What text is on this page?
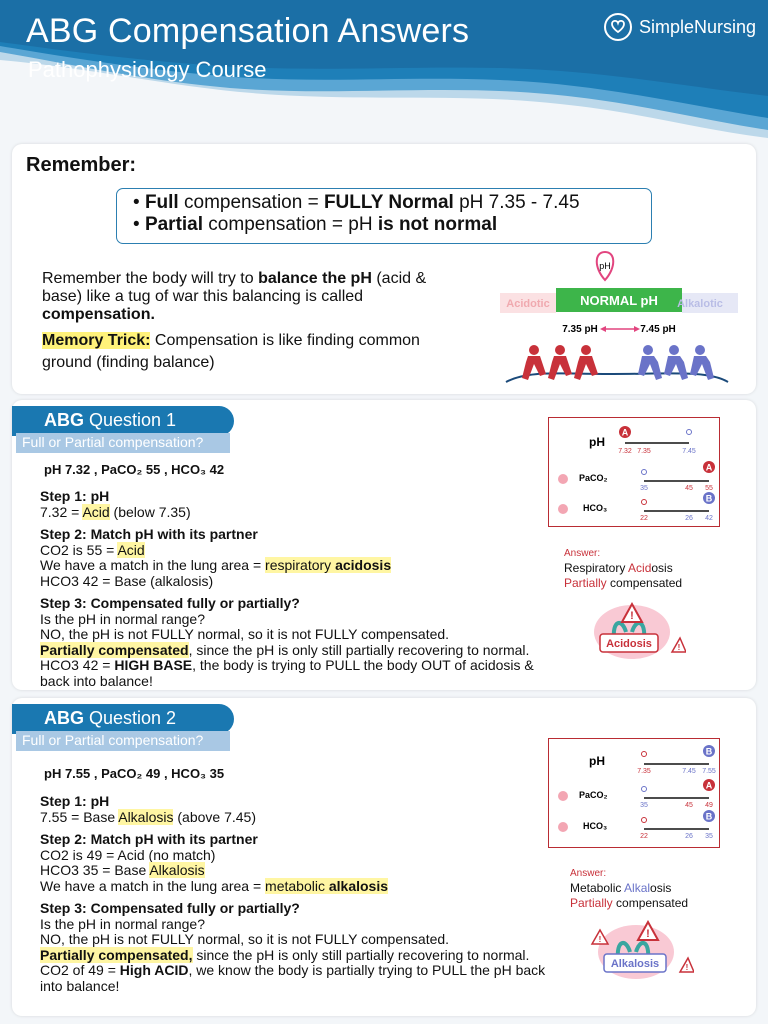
ABG Compensation Answers
Pathophysiology Course
SimpleNursing
Remember:
• Full compensation = FULLY Normal pH 7.35 - 7.45
• Partial compensation = pH is not normal
Remember the body will try to balance the pH (acid & base) like a tug of war this balancing is called compensation.
Memory Trick: Compensation is like finding common ground (finding balance)
pH
Acidotic NORMAL pH Alkalotic
7.35 pH	7.45 pH
ABG Question 1
Full or Partial compensation?
pH 7.32 , PaCO₂ 55 , HCO₃ 42

Step 1: pH

7.32 = Acid (below 7.35)

Step 2: Match pH with its partner

CO2 is 55 = Acid

We have a match in the lung area = respiratory acidosis

HCO3 42 = Base (alkalosis)

Step 3: Compensated fully or partially?

Is the pH in normal range?

NO, the pH is not FULLY normal, so it is not FULLY compensated.

Partially compensated, since the pH is only still partially recovering to normal. HCO3 42 = HIGH BASE, the body is trying to PULL the body OUT of acidosis & back into balance!

pH
A
7.32 7.35	7.45
PaCO₂
A
35	45 55
HCO₃
B
22	26 42
Answer:
Respiratory Acidosis
Partially compensated
!
!
Acidosis
ABG Question 2
Full or Partial compensation?
pH 7.55 , PaCO₂ 49 , HCO₃ 35

Step 1: pH

7.55 = Base Alkalosis (above 7.45)

Step 2: Match pH with its partner

CO2 is 49 = Acid (no match)

HCO3 35 = Base Alkalosis

We have a match in the lung area = metabolic alkalosis

Step 3: Compensated fully or partially?

Is the pH in normal range?

NO, the pH is not FULLY normal, so it is not FULLY compensated.

Partially compensated, since the pH is only still partially recovering to normal. CO2 of 49 = High ACID, we know the body is partially trying to PULL the pH back into balance!

pH
B
7.35	7.45 7.55
PaCO₂
A
35	45 49
HCO₃
B
22	26 35
Answer:
Metabolic Alkalosis
Partially compensated
!
!
!
Alkalosis
